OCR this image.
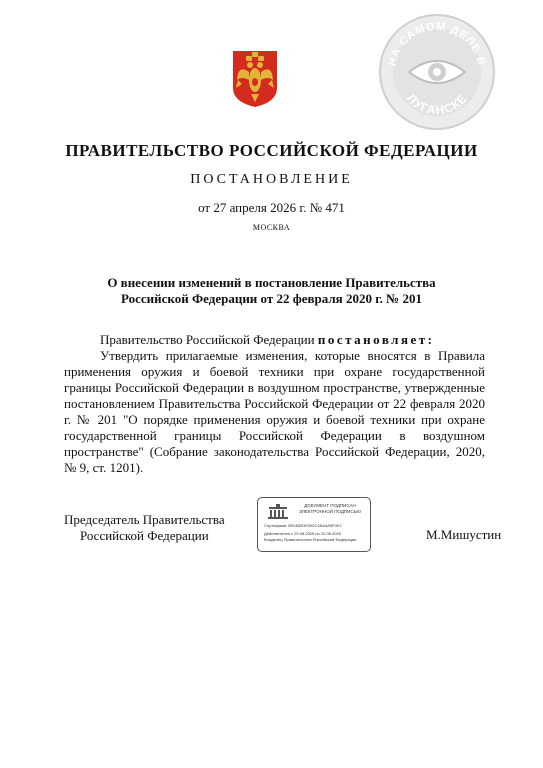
НА САМОМ ДЕЛЕ В
ЛУГАНСКЕ
ПРАВИТЕЛЬСТВО РОССИЙСКОЙ ФЕДЕРАЦИИ
ПОСТАНОВЛЕНИЕ
от 27 апреля 2026 г. № 471
МОСКВА
О внесении изменений в постановление Правительства
Российской Федерации от 22 февраля 2020 г. № 201
Правительство Российской Федерации постановляет:
Утвердить прилагаемые изменения, которые вносятся в Правила применения оружия и боевой техники при охране государственной границы Российской Федерации в воздушном пространстве, утвержденные постановлением Правительства Российской Федерации от 22 февраля 2020 г. № 201 "О порядке применения оружия и боевой техники при охране государственной границы Российской Федерации в воздушном пространстве" (Собрание законодательства Российской Федерации, 2020, № 9, ст. 1201).
Председатель Правительства
Российской Федерации
ДОКУМЕНТ ПОДПИСАН ЭЛЕКТРОННОЙ ПОДПИСЬЮ
Сертификат 00D4B0DE000C1BA4A5F0E2
Действителен с 20.08.2025 по 20.08.2026
Владелец Правительство Российской Федерации	М.Мишустин
